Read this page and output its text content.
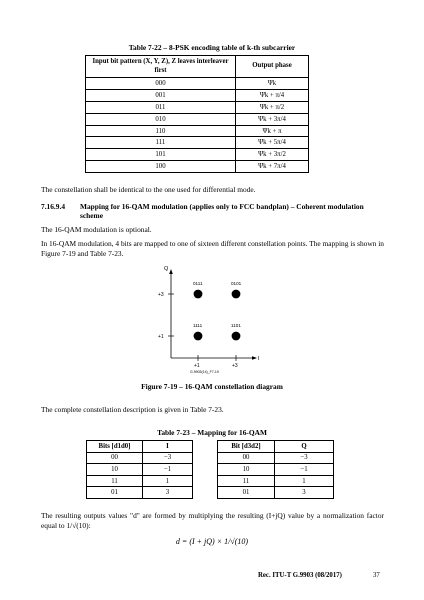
Table 7-22 – 8-PSK encoding table of k-th subcarrier
Input bit pattern (X, Y, Z), Z leaves interleaver first	Output phase
000	Ψk
001	Ψk + π/4
011	Ψk + π/2
010	Ψk + 3π/4
110	Ψk + π
111	Ψk + 5π/4
101	Ψk + 3π/2
100	Ψk + 7π/4
The constellation shall be identical to the one used for differential mode.
7.16.9.4 Mapping for 16-QAM modulation (applies only to FCC bandplan) – Coherent modulation scheme
The 16-QAM modulation is optional.
In 16-QAM modulation, 4 bits are mapped to one of sixteen different constellation points. The mapping is shown in Figure 7-19 and Table 7-23.
Q
I
+3
+1
+1	+3
0111	0101
1111	1101
G.9903(14)_F7-19
Figure 7-19 – 16-QAM constellation diagram
The complete constellation description is given in Table 7-23.
Table 7-23 – Mapping for 16-QAM
Bits [d1d0]	I
00	−3
10	−1
11	1
01	3
Bit [d3d2]	Q
00	−3
10	−1
11	1
01	3
The resulting outputs values "d" are formed by multiplying the resulting (I+jQ) value by a normalization factor equal to 1/√(10):
d = (I + jQ) × 1/√(10)
Rec. ITU-T G.9903 (08/2017)	37
